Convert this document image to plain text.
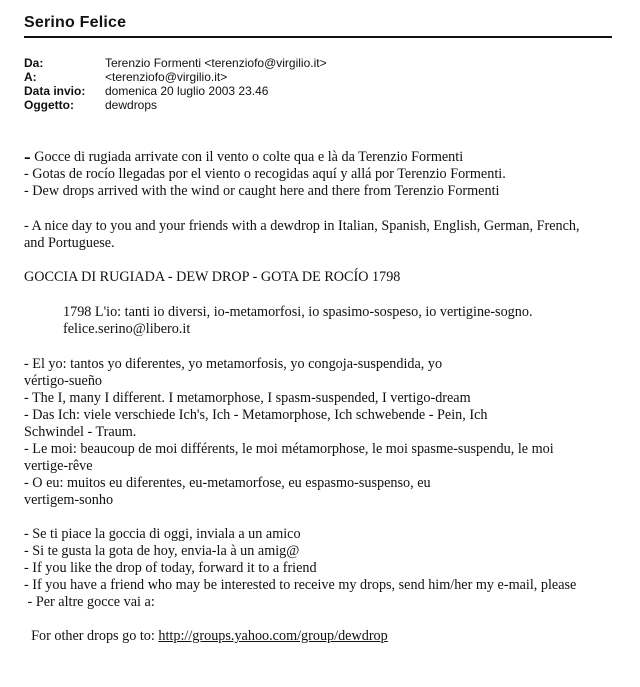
Serino Felice
Da:	Terenzio Formenti <terenziofo@virgilio.it>
A:	<terenziofo@virgilio.it>
Data invio: domenica 20 luglio 2003 23.46
Oggetto:	dewdrops
- Gocce di rugiada arrivate con il vento o colte qua e là da Terenzio Formenti
- Gotas de rocío llegadas por el viento o recogidas aquí y allá por Terenzio Formenti.
- Dew drops arrived with the wind or caught here and there from Terenzio Formenti
- A nice day to you and your friends with a dewdrop in Italian, Spanish, English, German, French,
and Portuguese.
GOCCIA DI RUGIADA - DEW DROP - GOTA DE ROCÍO 1798
1798 L'io: tanti io diversi, io-metamorfosi, io spasimo-sospeso, io vertigine-sogno.
felice.serino@libero.it
- El yo: tantos yo diferentes, yo metamorfosis, yo congoja-suspendida, yo
vértigo-sueño
- The I, many I different. I metamorphose, I spasm-suspended, I vertigo-dream
- Das Ich: viele verschiede Ich's, Ich - Metamorphose, Ich schwebende - Pein, Ich
Schwindel - Traum.
- Le moi: beaucoup de moi différents, le moi métamorphose, le moi spasme-suspendu, le moi
vertige-rêve
- O eu: muitos eu diferentes, eu-metamorfose, eu espasmo-suspenso, eu
vertigem-sonho
- Se ti piace la goccia di oggi, inviala a un amico
- Si te gusta la gota de hoy, envia-la à un amig@
- If you like the drop of today, forward it to a friend
- If you have a friend who may be interested to receive my drops, send him/her my e-mail, please
- Per altre gocce vai a:

For other drops go to: http://groups.yahoo.com/group/dewdrop
